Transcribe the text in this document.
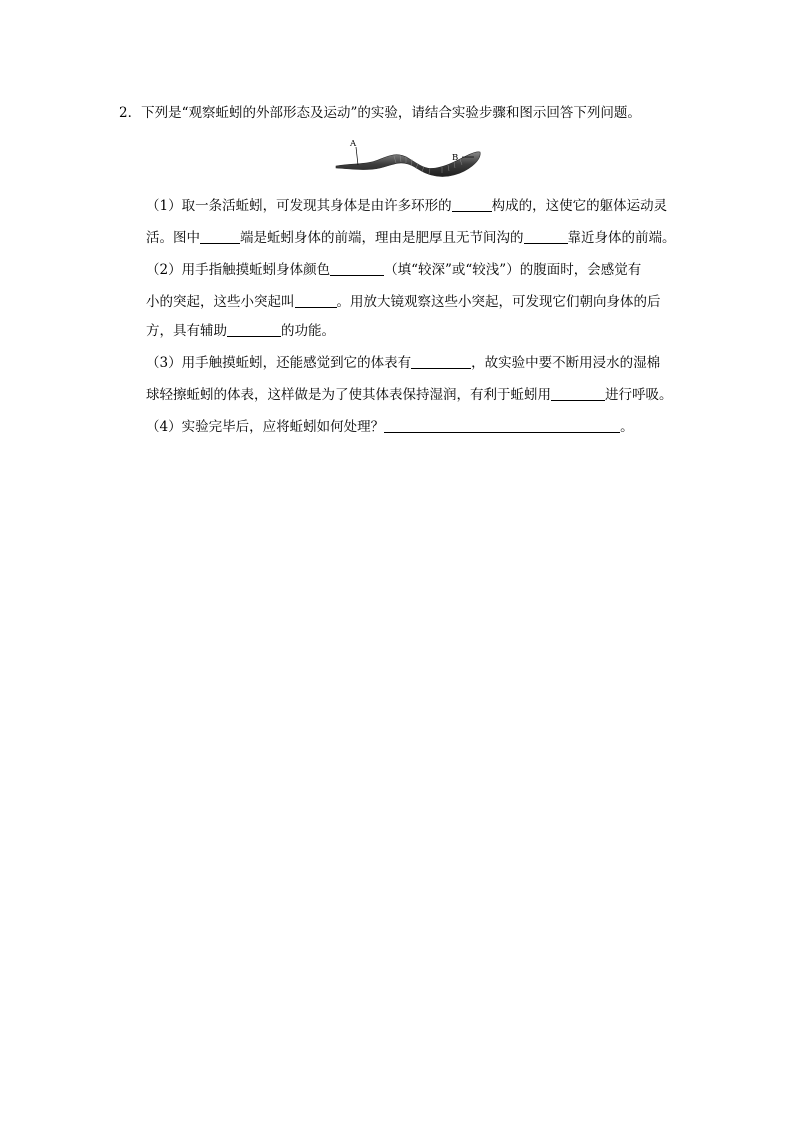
2．下列是“观察蚯蚓的外部形态及运动”的实验，请结合实验步骤和图示回答下列问题。
A
B
（1）取一条活蚯蚓，可发现其身体是由许多环形的	构成的，这使它的躯体运动灵
活。图中	端是蚯蚓身体的前端，理由是肥厚且无节间沟的	靠近身体的前端。
（2）用手指触摸蚯蚓身体颜色	（填“较深”或“较浅”）的腹面时，会感觉有
小的突起，这些小突起叫	。用放大镜观察这些小突起，可发现它们朝向身体的后
方，具有辅助	的功能。
（3）用手触摸蚯蚓，还能感觉到它的体表有	，故实验中要不断用浸水的湿棉
球轻擦蚯蚓的体表，这样做是为了使其体表保持湿润，有利于蚯蚓用	进行呼吸。
（4）实验完毕后，应将蚯蚓如何处理？	。
